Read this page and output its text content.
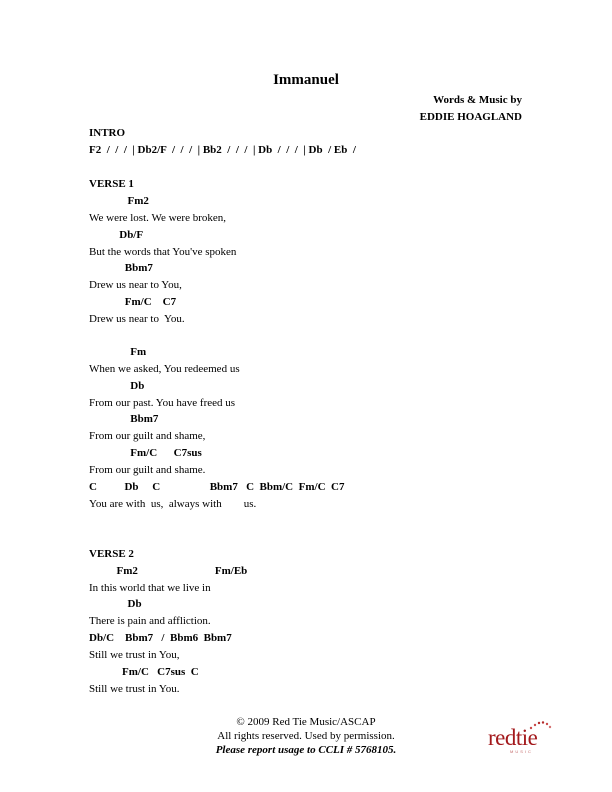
Immanuel
Words & Music by
EDDIE HOAGLAND
INTRO
F2  /  /  /  | Db2/F  /  /  /  | Bb2  /  /  /  | Db  /  /  /  | Db  / Eb  /
VERSE 1
Fm2
We were lost. We were broken,
Db/F
But the words that You've spoken
Bbm7
Drew us near to You,
Fm/C    C7
Drew us near to  You.
Fm
When we asked, You redeemed us
Db
From our past. You have freed us
Bbm7
From our guilt and shame,
Fm/C      C7sus
From our guilt and shame.
C          Db     C                  Bbm7   C  Bbm/C  Fm/C  C7
You are with  us,  always with        us.
VERSE 2
Fm2                            Fm/Eb
In this world that we live in
Db
There is pain and affliction.
Db/C    Bbm7   /  Bbm6  Bbm7
Still we trust in You,
Fm/C   C7sus  C
Still we trust in You.
© 2009 Red Tie Music/ASCAP
All rights reserved. Used by permission.
Please report usage to CCLI # 5768105.	redtie
MUSIC
